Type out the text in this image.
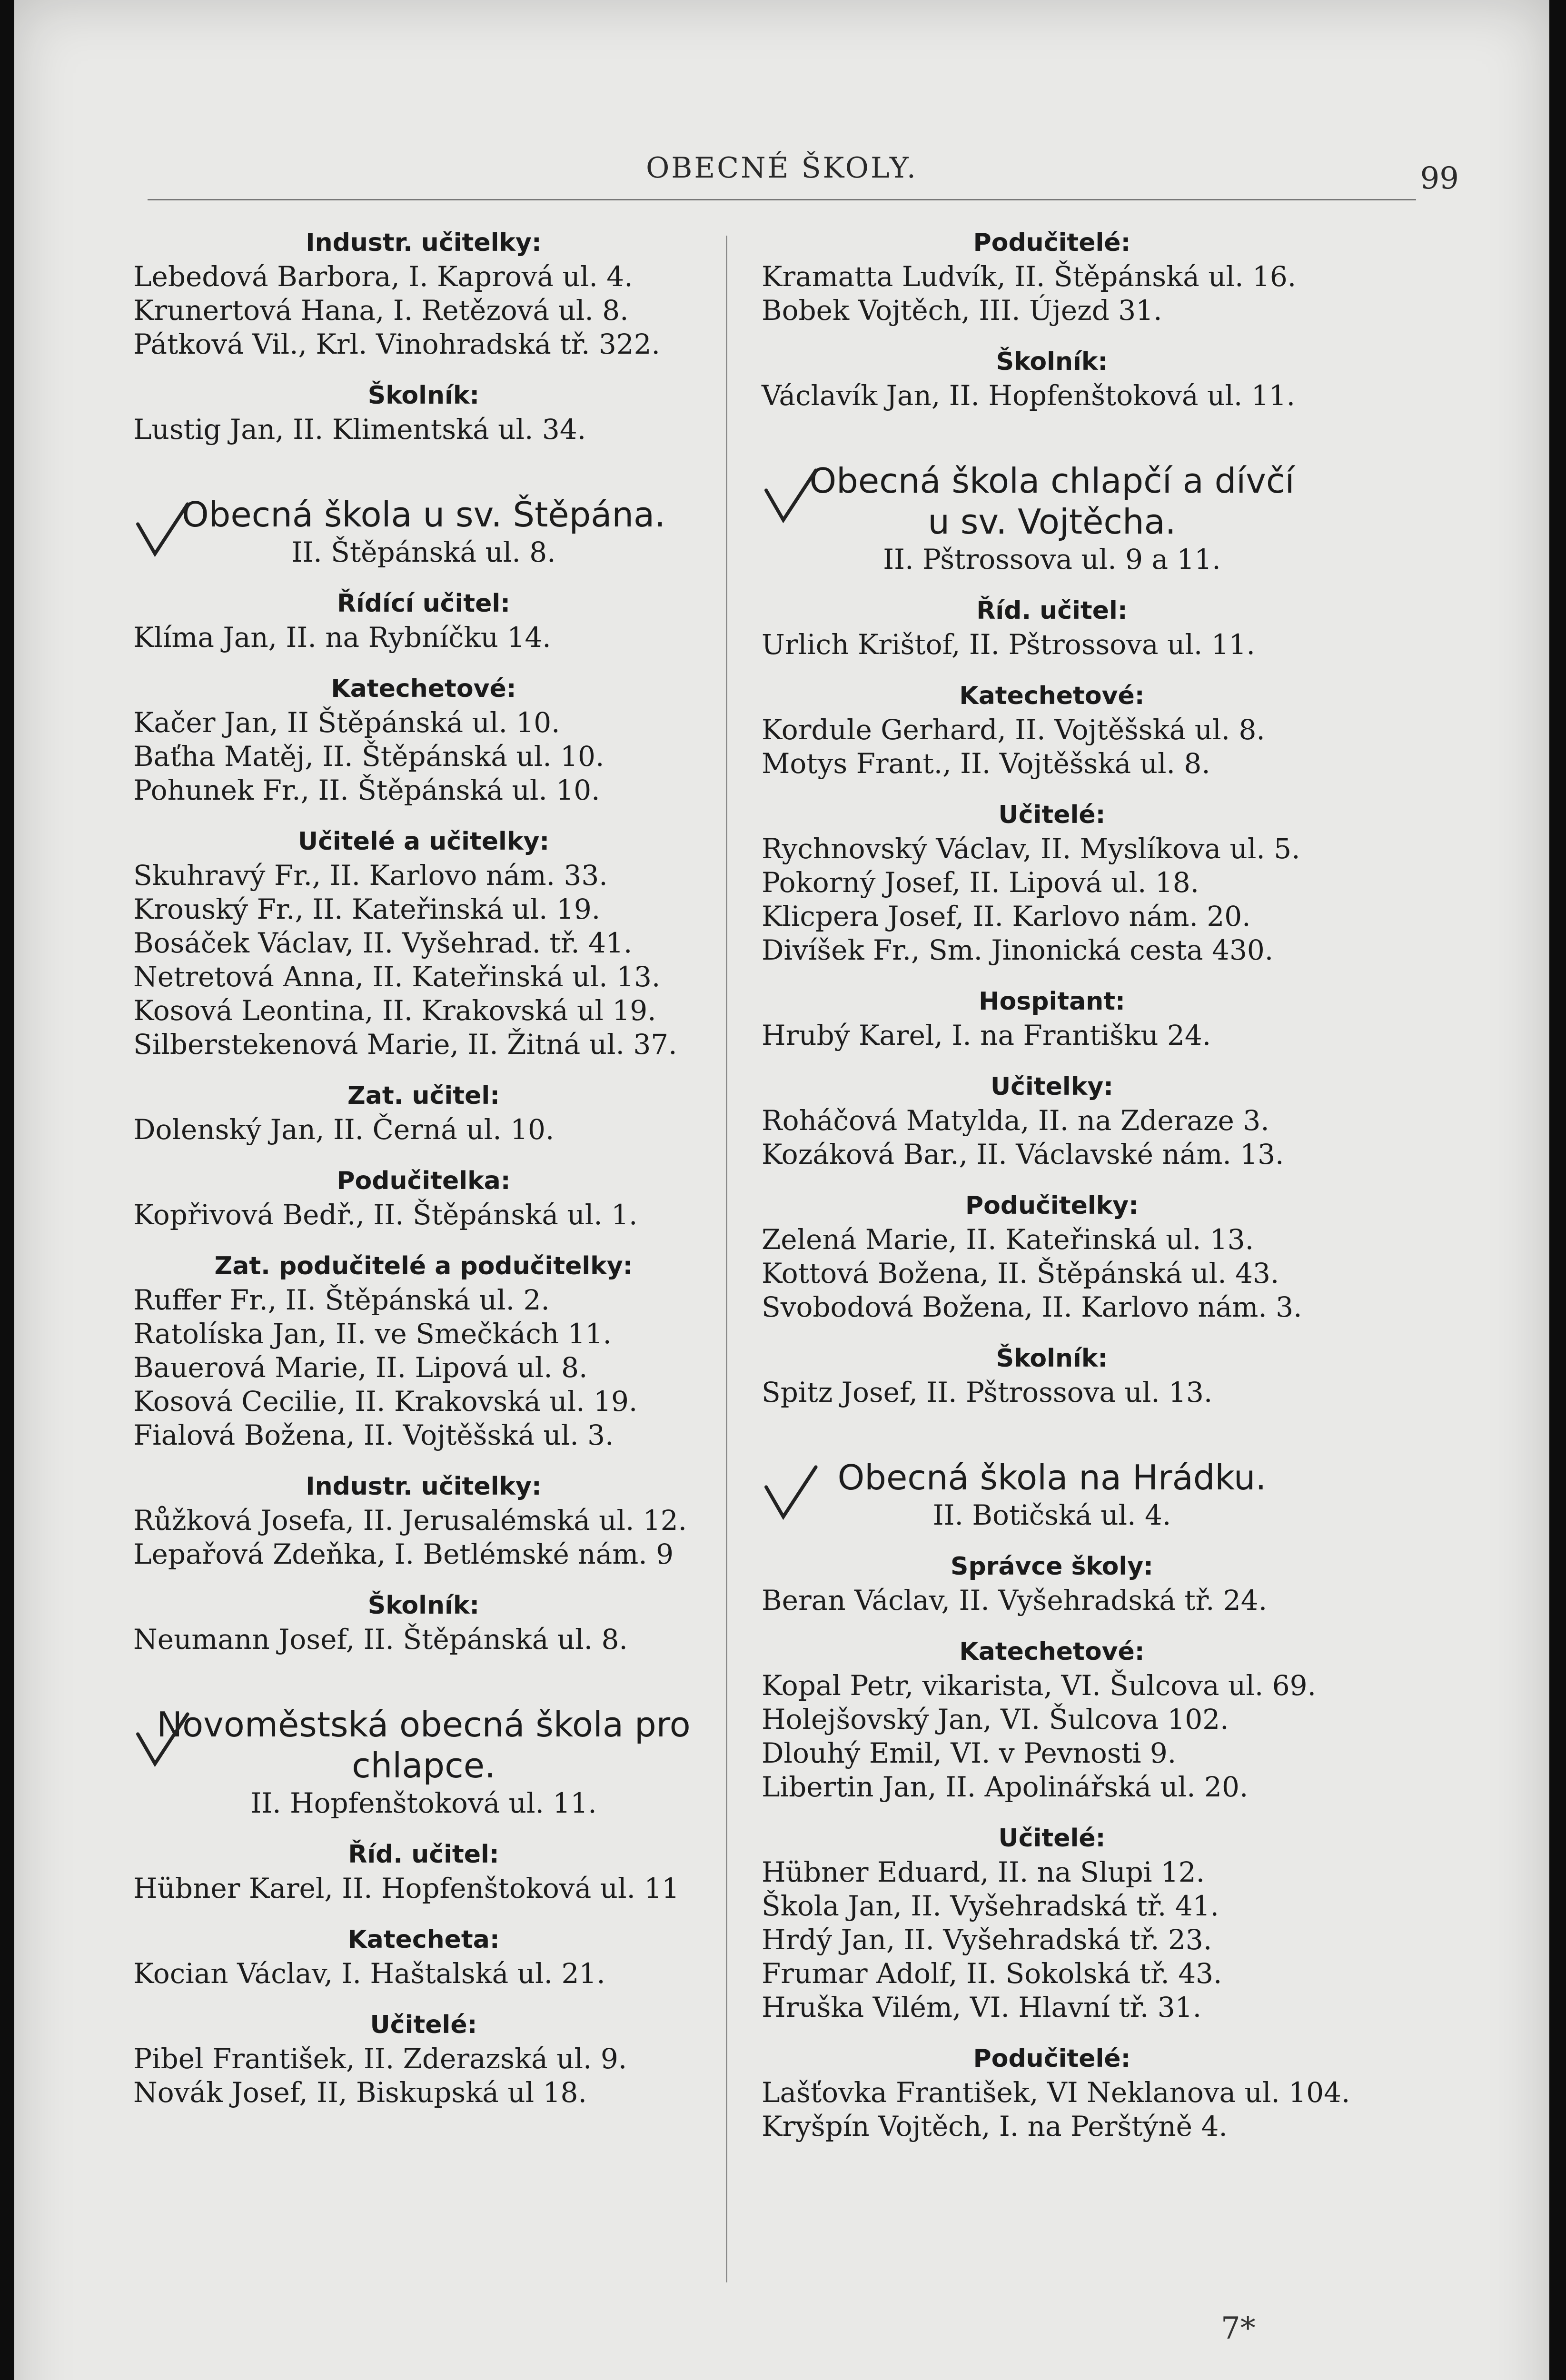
OBECNÉ ŠKOLY.	99
Industr. učitelky:
Lebedová Barbora, I. Kaprová ul. 4.
Krunertová Hana, I. Retězová ul. 8.
Pátková Vil., Krl. Vinohradská tř. 322.
Školník:
Lustig Jan, II. Klimentská ul. 34.
Obecná škola u sv. Štěpána.
II. Štěpánská ul. 8.
Řídící učitel:
Klíma Jan, II. na Rybníčku 14.
Katechetové:
Kačer Jan, II Štěpánská ul. 10.
Baťha Matěj, II. Štěpánská ul. 10.
Pohunek Fr., II. Štěpánská ul. 10.
Učitelé a učitelky:
Skuhravý Fr., II. Karlovo nám. 33.
Krouský Fr., II. Kateřinská ul. 19.
Bosáček Václav, II. Vyšehrad. tř. 41.
Netretová Anna, II. Kateřinská ul. 13.
Kosová Leontina, II. Krakovská ul 19.
Silberstekenová Marie, II. Žitná ul. 37.
Zat. učitel:
Dolenský Jan, II. Černá ul. 10.
Podučitelka:
Kopřivová Bedř., II. Štěpánská ul. 1.
Zat. podučitelé a podučitelky:
Ruffer Fr., II. Štěpánská ul. 2.
Ratolíska Jan, II. ve Smečkách 11.
Bauerová Marie, II. Lipová ul. 8.
Kosová Cecilie, II. Krakovská ul. 19.
Fialová Božena, II. Vojtěšská ul. 3.
Industr. učitelky:
Růžková Josefa, II. Jerusalémská ul. 12.
Lepařová Zdeňka, I. Betlémské nám. 9
Školník:
Neumann Josef, II. Štěpánská ul. 8.
Novoměstská obecná škola pro
chlapce.
II. Hopfenštoková ul. 11.
Říd. učitel:
Hübner Karel, II. Hopfenštoková ul. 11
Katecheta:
Kocian Václav, I. Haštalská ul. 21.
Učitelé:
Pibel František, II. Zderazská ul. 9.
Novák Josef, II, Biskupská ul 18.
Podučitelé:
Kramatta Ludvík, II. Štěpánská ul. 16.
Bobek Vojtěch, III. Újezd 31.
Školník:
Václavík Jan, II. Hopfenštoková ul. 11.
Obecná škola chlapčí a dívčí
u sv. Vojtěcha.
II. Pštrossova ul. 9 a 11.
Říd. učitel:
Urlich Krištof, II. Pštrossova ul. 11.
Katechetové:
Kordule Gerhard, II. Vojtěšská ul. 8.
Motys Frant., II. Vojtěšská ul. 8.
Učitelé:
Rychnovský Václav, II. Myslíkova ul. 5.
Pokorný Josef, II. Lipová ul. 18.
Klicpera Josef, II. Karlovo nám. 20.
Divíšek Fr., Sm. Jinonická cesta 430.
Hospitant:
Hrubý Karel, I. na Františku 24.
Učitelky:
Roháčová Matylda, II. na Zderaze 3.
Kozáková Bar., II. Václavské nám. 13.
Podučitelky:
Zelená Marie, II. Kateřinská ul. 13.
Kottová Božena, II. Štěpánská ul. 43.
Svobodová Božena, II. Karlovo nám. 3.
Školník:
Spitz Josef, II. Pštrossova ul. 13.
Obecná škola na Hrádku.
II. Botičská ul. 4.
Správce školy:
Beran Václav, II. Vyšehradská tř. 24.
Katechetové:
Kopal Petr, vikarista, VI. Šulcova ul. 69.
Holejšovský Jan, VI. Šulcova 102.
Dlouhý Emil, VI. v Pevnosti 9.
Libertin Jan, II. Apolinářská ul. 20.
Učitelé:
Hübner Eduard, II. na Slupi 12.
Škola Jan, II. Vyšehradská tř. 41.
Hrdý Jan, II. Vyšehradská tř. 23.
Frumar Adolf, II. Sokolská tř. 43.
Hruška Vilém, VI. Hlavní tř. 31.
Podučitelé:
Lašťovka František, VI Neklanova ul. 104.
Kryšpín Vojtěch, I. na Perštýně 4.
7*
